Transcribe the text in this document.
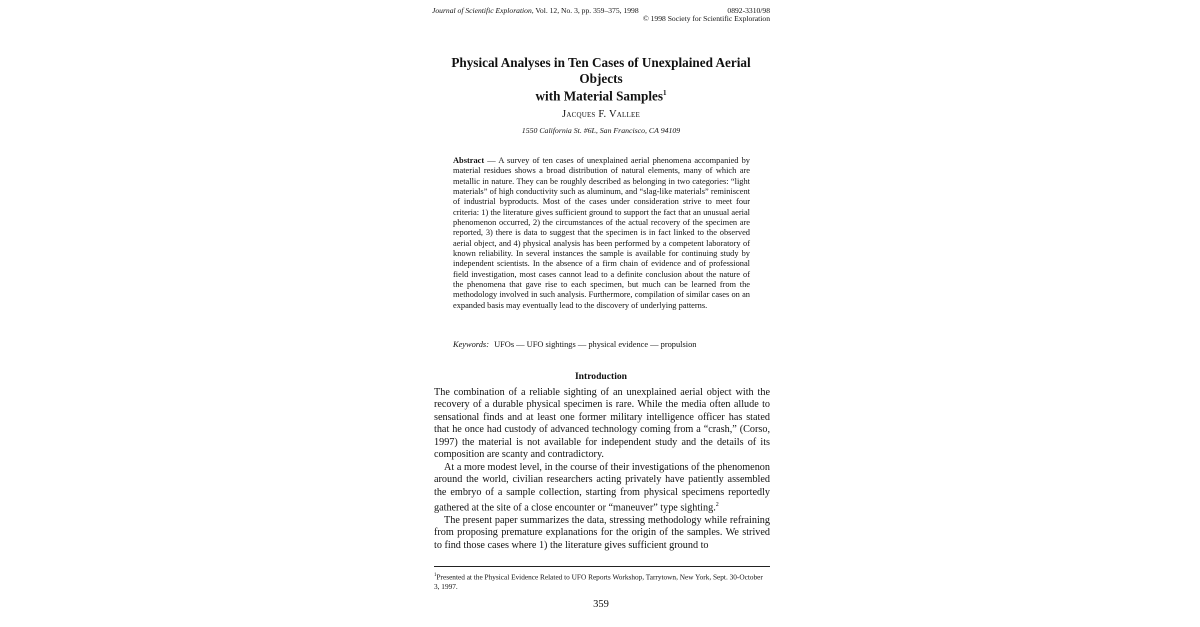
Journal of Scientific Exploration, Vol. 12, No. 3, pp. 359–375, 1998	0892-3310/98
© 1998 Society for Scientific Exploration
Physical Analyses in Ten Cases of Unexplained Aerial Objects
with Material Samples$^1$
Jacques F. Vallee
1550 California St. #6L, San Francisco, CA 94109
Abstract — A survey of ten cases of unexplained aerial phenomena accompanied by material residues shows a broad distribution of natural elements, many of which are metallic in nature. They can be roughly described as belonging in two categories: “light materials” of high conductivity such as aluminum, and “slag-like materials” reminiscent of industrial byproducts. Most of the cases under consideration strive to meet four criteria: 1) the literature gives sufficient ground to support the fact that an unusual aerial phenomenon occurred, 2) the circumstances of the actual recovery of the specimen are reported, 3) there is data to suggest that the specimen is in fact linked to the observed aerial object, and 4) physical analysis has been performed by a competent laboratory of known reliability. In several instances the sample is available for continuing study by independent scientists. In the absence of a firm chain of evidence and of professional field investigation, most cases cannot lead to a definite conclusion about the nature of the phenomena that gave rise to each specimen, but much can be learned from the methodology involved in such analysis. Furthermore, compilation of similar cases on an expanded basis may eventually lead to the discovery of underlying patterns.
Keywords: UFOs — UFO sightings — physical evidence — propulsion
Introduction

The combination of a reliable sighting of an unexplained aerial object with the recovery of a durable physical specimen is rare. While the media often allude to sensational finds and at least one former military intelligence officer has stated that he once had custody of advanced technology coming from a “crash,” (Corso, 1997) the material is not available for independent study and the details of its composition are scanty and contradictory.

At a more modest level, in the course of their investigations of the phenomenon around the world, civilian researchers acting privately have patiently assembled the embryo of a sample collection, starting from physical specimens reportedly gathered at the site of a close encounter or “maneuver” type sighting.$^2$

The present paper summarizes the data, stressing methodology while refraining from proposing premature explanations for the origin of the samples. We strived to find those cases where 1) the literature gives sufficient ground to

$^1$Presented at the Physical Evidence Related to UFO Reports Workshop, Tarrytown, New York, Sept. 30-October 3, 1997.
359
